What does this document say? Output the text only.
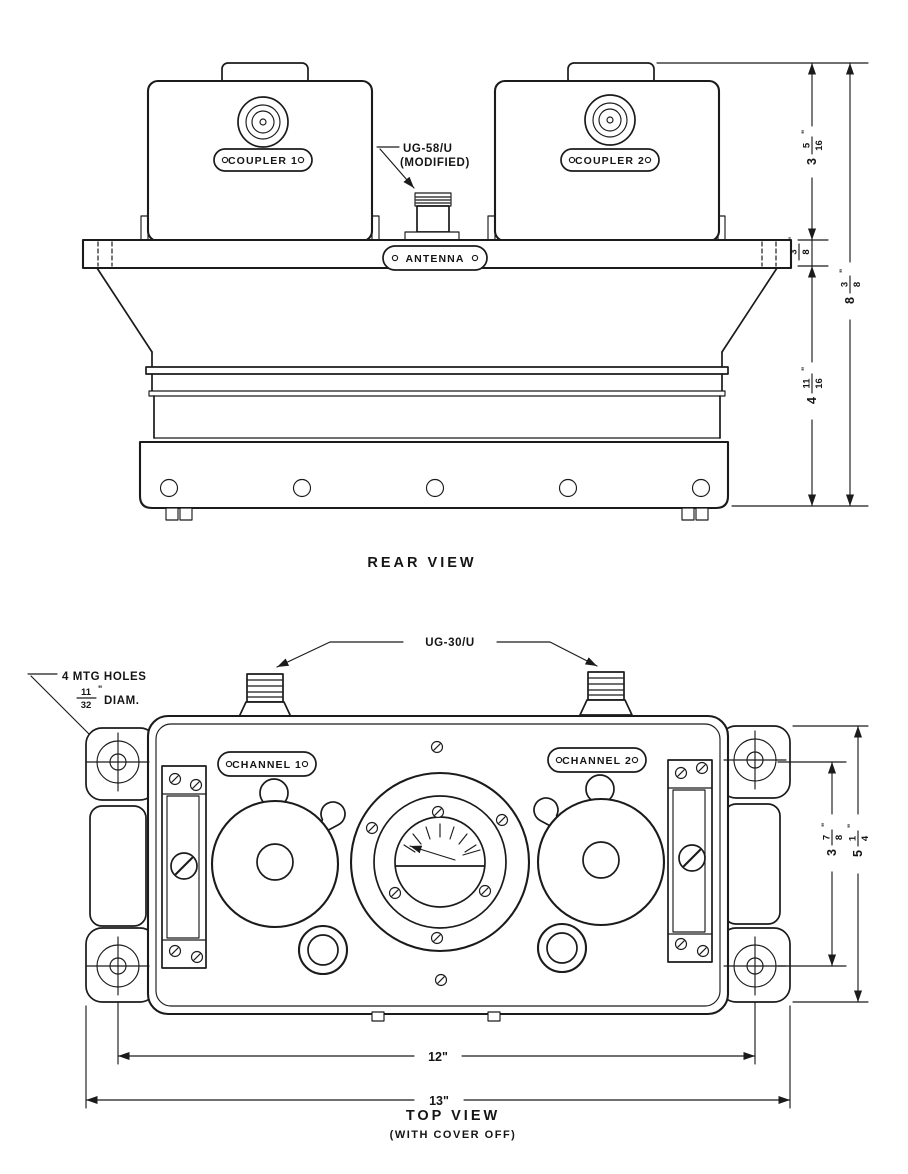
COUPLER 1	COUPLER 2
UG-58/U
(MODIFIED)
ANTENNA
3
5 16
"
3 8
"
4
11 16
"
8
3 8
"
REAR VIEW
UG-30/U
4 MTG HOLES
11
32
"
DIAM.
CHANNEL 1	CHANNEL 2
12"
13"
3
7 8
"
5
1 4
"
TOP VIEW
(WITH COVER OFF)
